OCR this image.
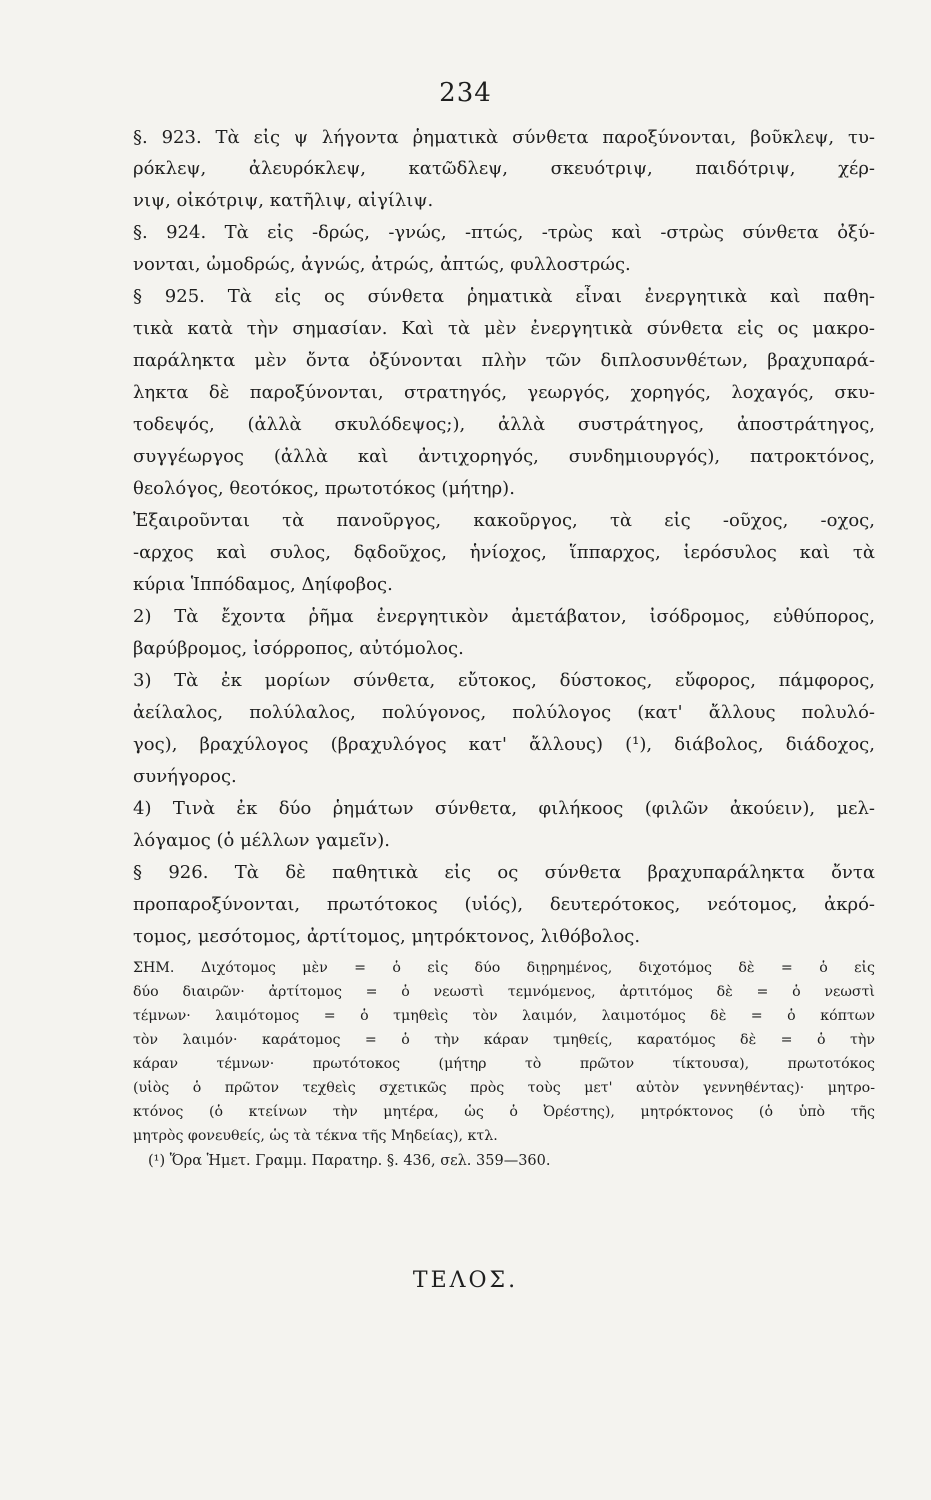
234
§. 923. Τὰ εἰς ψ λήγοντα ῥηματικὰ σύνθετα παροξύνονται, βοῦκλεψ, τυ-
ρόκλεψ, ἀλευρόκλεψ, κατῶδλεψ, σκευότριψ, παιδότριψ, χέρ-
νιψ, οἰκότριψ, κατῆλιψ, αἰγίλιψ.
§. 924. Τὰ εἰς -δρώς, -γνώς, -πτώς, -τρὼς καὶ -στρὼς σύνθετα ὀξύ-
νονται, ὠμοδρώς, ἀγνώς, ἀτρώς, ἀπτώς, φυλλοστρώς.
§ 925. Τὰ εἰς ος σύνθετα ῥηματικὰ εἶναι ἐνεργητικὰ καὶ παθη-
τικὰ κατὰ τὴν σημασίαν. Καὶ τὰ μὲν ἐνεργητικὰ σύνθετα εἰς ος μακρο-
παράληκτα μὲν ὄντα ὀξύνονται πλὴν τῶν διπλοσυνθέτων, βραχυπαρά-
ληκτα δὲ παροξύνονται, στρατηγός, γεωργός, χορηγός, λοχαγός, σκυ-
τοδεψός, (ἀλλὰ σκυλόδεψος;), ἀλλὰ συστράτηγος, ἀποστράτηγος,
συγγέωργος (ἀλλὰ καὶ ἀντιχορηγός, συνδημιουργός), πατροκτόνος,
θεολόγος, θεοτόκος, πρωτοτόκος (μήτηρ).
Ἐξαιροῦνται τὰ πανοῦργος, κακοῦργος, τὰ εἰς -οῦχος, -οχος,
-αρχος καὶ συλος, δᾳδοῦχος, ἡνίοχος, ἵππαρχος, ἱερόσυλος καὶ τὰ
κύρια Ἱππόδαμος, Δηίφοβος.
2) Τὰ ἔχοντα ῥῆμα ἐνεργητικὸν ἀμετάβατον, ἰσόδρομος, εὐθύπορος,
βαρύβρομος, ἰσόρροπος, αὐτόμολος.
3) Τὰ ἐκ μορίων σύνθετα, εὔτοκος, δύστοκος, εὔφορος, πάμφορος,
ἀείλαλος, πολύλαλος, πολύγονος, πολύλογος (κατ' ἄλλους πολυλό-
γος), βραχύλογος (βραχυλόγος κατ' ἄλλους) (¹), διάβολος, διάδοχος,
συνήγορος.
4) Τινὰ ἐκ δύο ῥημάτων σύνθετα, φιλήκοος (φιλῶν ἀκούειν), μελ-
λόγαμος (ὁ μέλλων γαμεῖν).
§ 926. Τὰ δὲ παθητικὰ εἰς ος σύνθετα βραχυπαράληκτα ὄντα
προπαροξύνονται, πρωτότοκος (υἱός), δευτερότοκος, νεότομος, ἀκρό-
τομος, μεσότομος, ἀρτίτομος, μητρόκτονος, λιθόβολος.
ΣΗΜ. Διχότομος μὲν = ὁ εἰς δύο διῃρημένος, διχοτόμος δὲ = ὁ εἰς
δύο διαιρῶν· ἀρτίτομος = ὁ νεωστὶ τεμνόμενος, ἀρτιτόμος δὲ = ὁ νεωστὶ
τέμνων· λαιμότομος = ὁ τμηθεὶς τὸν λαιμόν, λαιμοτόμος δὲ = ὁ κόπτων
τὸν λαιμόν· καράτομος = ὁ τὴν κάραν τμηθείς, καρατόμος δὲ = ὁ τὴν
κάραν τέμνων· πρωτότοκος (μήτηρ τὸ πρῶτον τίκτουσα), πρωτοτόκος
(υἱὸς ὁ πρῶτον τεχθεὶς σχετικῶς πρὸς τοὺς μετ' αὐτὸν γεννηθέντας)· μητρο-
κτόνος (ὁ κτείνων τὴν μητέρα, ὡς ὁ Ὀρέστης), μητρόκτονος (ὁ ὑπὸ τῆς
μητρὸς φονευθείς, ὡς τὰ τέκνα τῆς Μηδείας), κτλ.
(¹) Ὅρα Ἡμετ. Γραμμ. Παρατηρ. §. 436, σελ. 359—360.
ΤΕΛΟΣ.
